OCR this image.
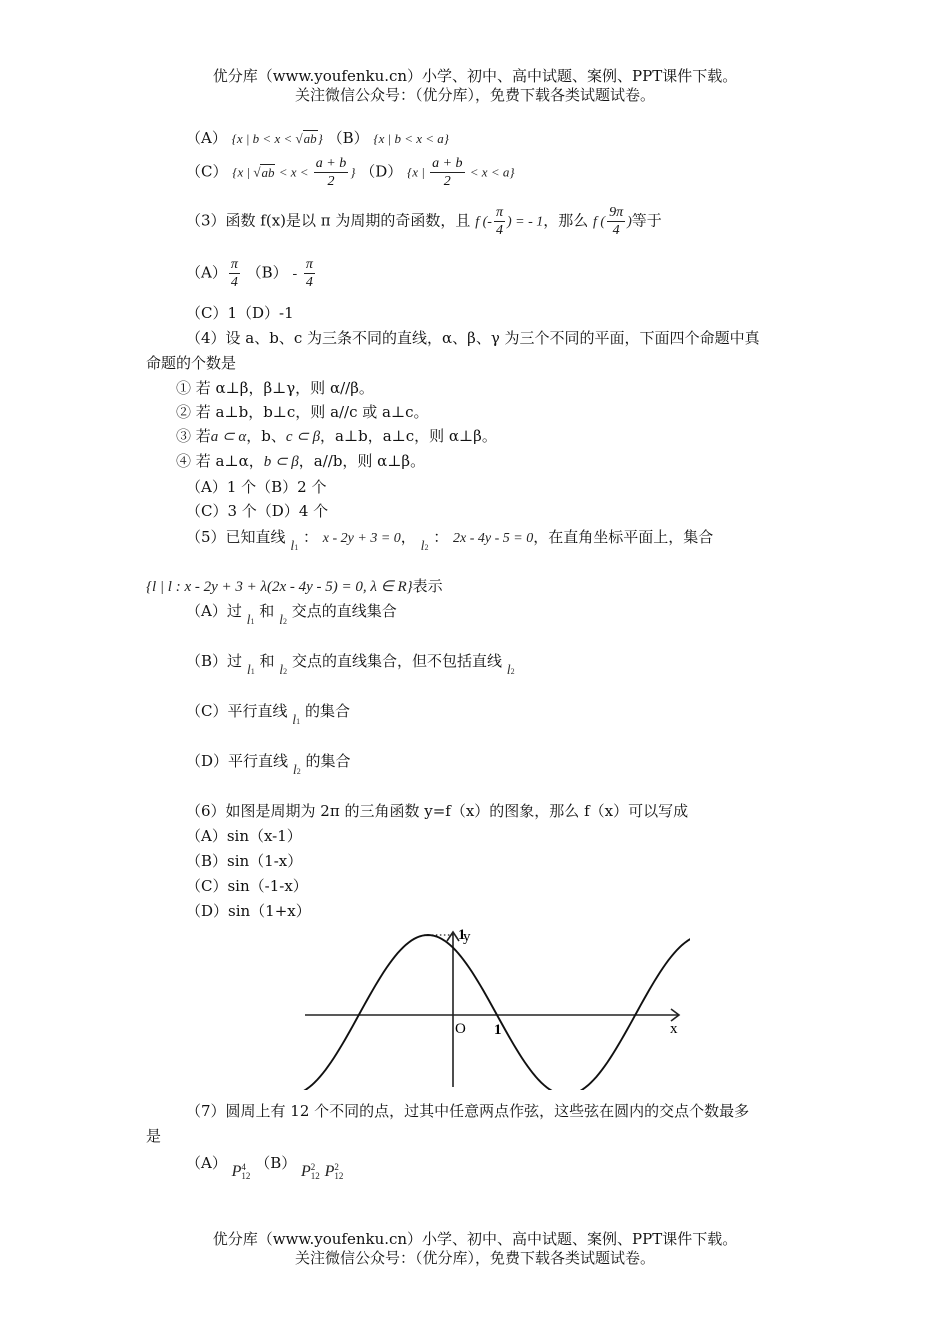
优分库（www.youfenku.cn）小学、初中、高中试题、案例、PPT课件下载。
关注微信公众号：（优分库），免费下载各类试题试卷。
（A） {x | b < x < √ab} （B） {x | b < x < a}
（C） {x | $√ab < x < \frac{a + b}{2}$ } （D） {x | $\frac{a + b}{2} < x < a$}
（3）函数 f(x)是以 π 为周期的奇函数，且 f (- $\frac{\pi}{4}$ ) = - 1，那么 f ( $\frac{9\pi}{4}$ )等于
$(A) \frac{\pi}{4} (B) - \frac{\pi}{4}$
（C）1（D）-1
（4）设 a、b、c 为三条不同的直线，α、β、γ 为三个不同的平面，下面四个命题中真
命题的个数是
① 若 α⊥β，β⊥γ，则 α//β。
② 若 a⊥b，b⊥c，则 a//c 或 a⊥c。
③ 若a ⊂ α，b、c ⊂ β，a⊥b，a⊥c，则 α⊥β。
④ 若 a⊥α，b ⊂ β，a//b，则 α⊥β。
（A）1 个（B）2 个
（C）3 个（D）4 个
（5）已知直线 l1 ： x - 2y + 3 = 0， l2 ： 2x - 4y - 5 = 0，在直角坐标平面上，集合
{l | l : x - 2y + 3 + λ(2x - 4y - 5) = 0, λ ∈ R}表示
（A）过 l1 和 l2 交点的直线集合
（B）过 l1 和 l2 交点的直线集合，但不包括直线 l2
（C）平行直线 l1 的集合
（D）平行直线 l2 的集合
（6）如图是周期为 2π 的三角函数 y=f（x）的图象，那么 f（x）可以写成
（A）sin（x-1）
（B）sin（1-x）
（C）sin（-1-x）
（D）sin（1+x）
y
x
O
1
1
（7）圆周上有 12 个不同的点，过其中任意两点作弦，这些弦在圆内的交点个数最多
是
（A） P 4
12
（B） P 2
12 P 2
12
优分库（www.youfenku.cn）小学、初中、高中试题、案例、PPT课件下载。
关注微信公众号：（优分库），免费下载各类试题试卷。
